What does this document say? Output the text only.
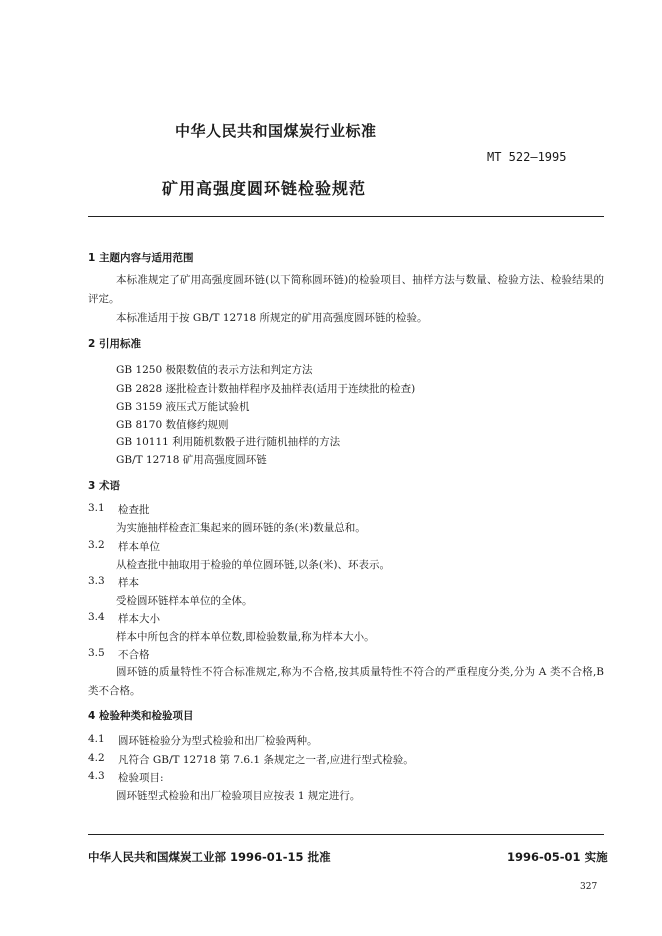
中华人民共和国煤炭行业标准
MT 522—1995
矿用高强度圆环链检验规范
1 主题内容与适用范围
本标准规定了矿用高强度圆环链(以下简称圆环链)的检验项目、抽样方法与数量、检验方法、检验结果的评定。
本标准适用于按 GB/T 12718 所规定的矿用高强度圆环链的检验。
2 引用标准
GB 1250 极限数值的表示方法和判定方法
GB 2828 逐批检查计数抽样程序及抽样表(适用于连续批的检查)
GB 3159 液压式万能试验机
GB 8170 数值修约规则
GB 10111 利用随机数骰子进行随机抽样的方法
GB/T 12718 矿用高强度圆环链
3 术语
3.1 检查批
为实施抽样检查汇集起来的圆环链的条(米)数量总和。
3.2 样本单位
从检查批中抽取用于检验的单位圆环链,以条(米)、环表示。
3.3 样本
受检圆环链样本单位的全体。
3.4 样本大小
样本中所包含的样本单位数,即检验数量,称为样本大小。
3.5 不合格
圆环链的质量特性不符合标准规定,称为不合格,按其质量特性不符合的严重程度分类,分为 A 类不合格,B 类不合格。
4 检验种类和检验项目
4.1 圆环链检验分为型式检验和出厂检验两种。
4.2 凡符合 GB/T 12718 第 7.6.1 条规定之一者,应进行型式检验。
4.3 检验项目:
圆环链型式检验和出厂检验项目应按表 1 规定进行。
中华人民共和国煤炭工业部 1996-01-15 批准	1996-05-01 实施
327
